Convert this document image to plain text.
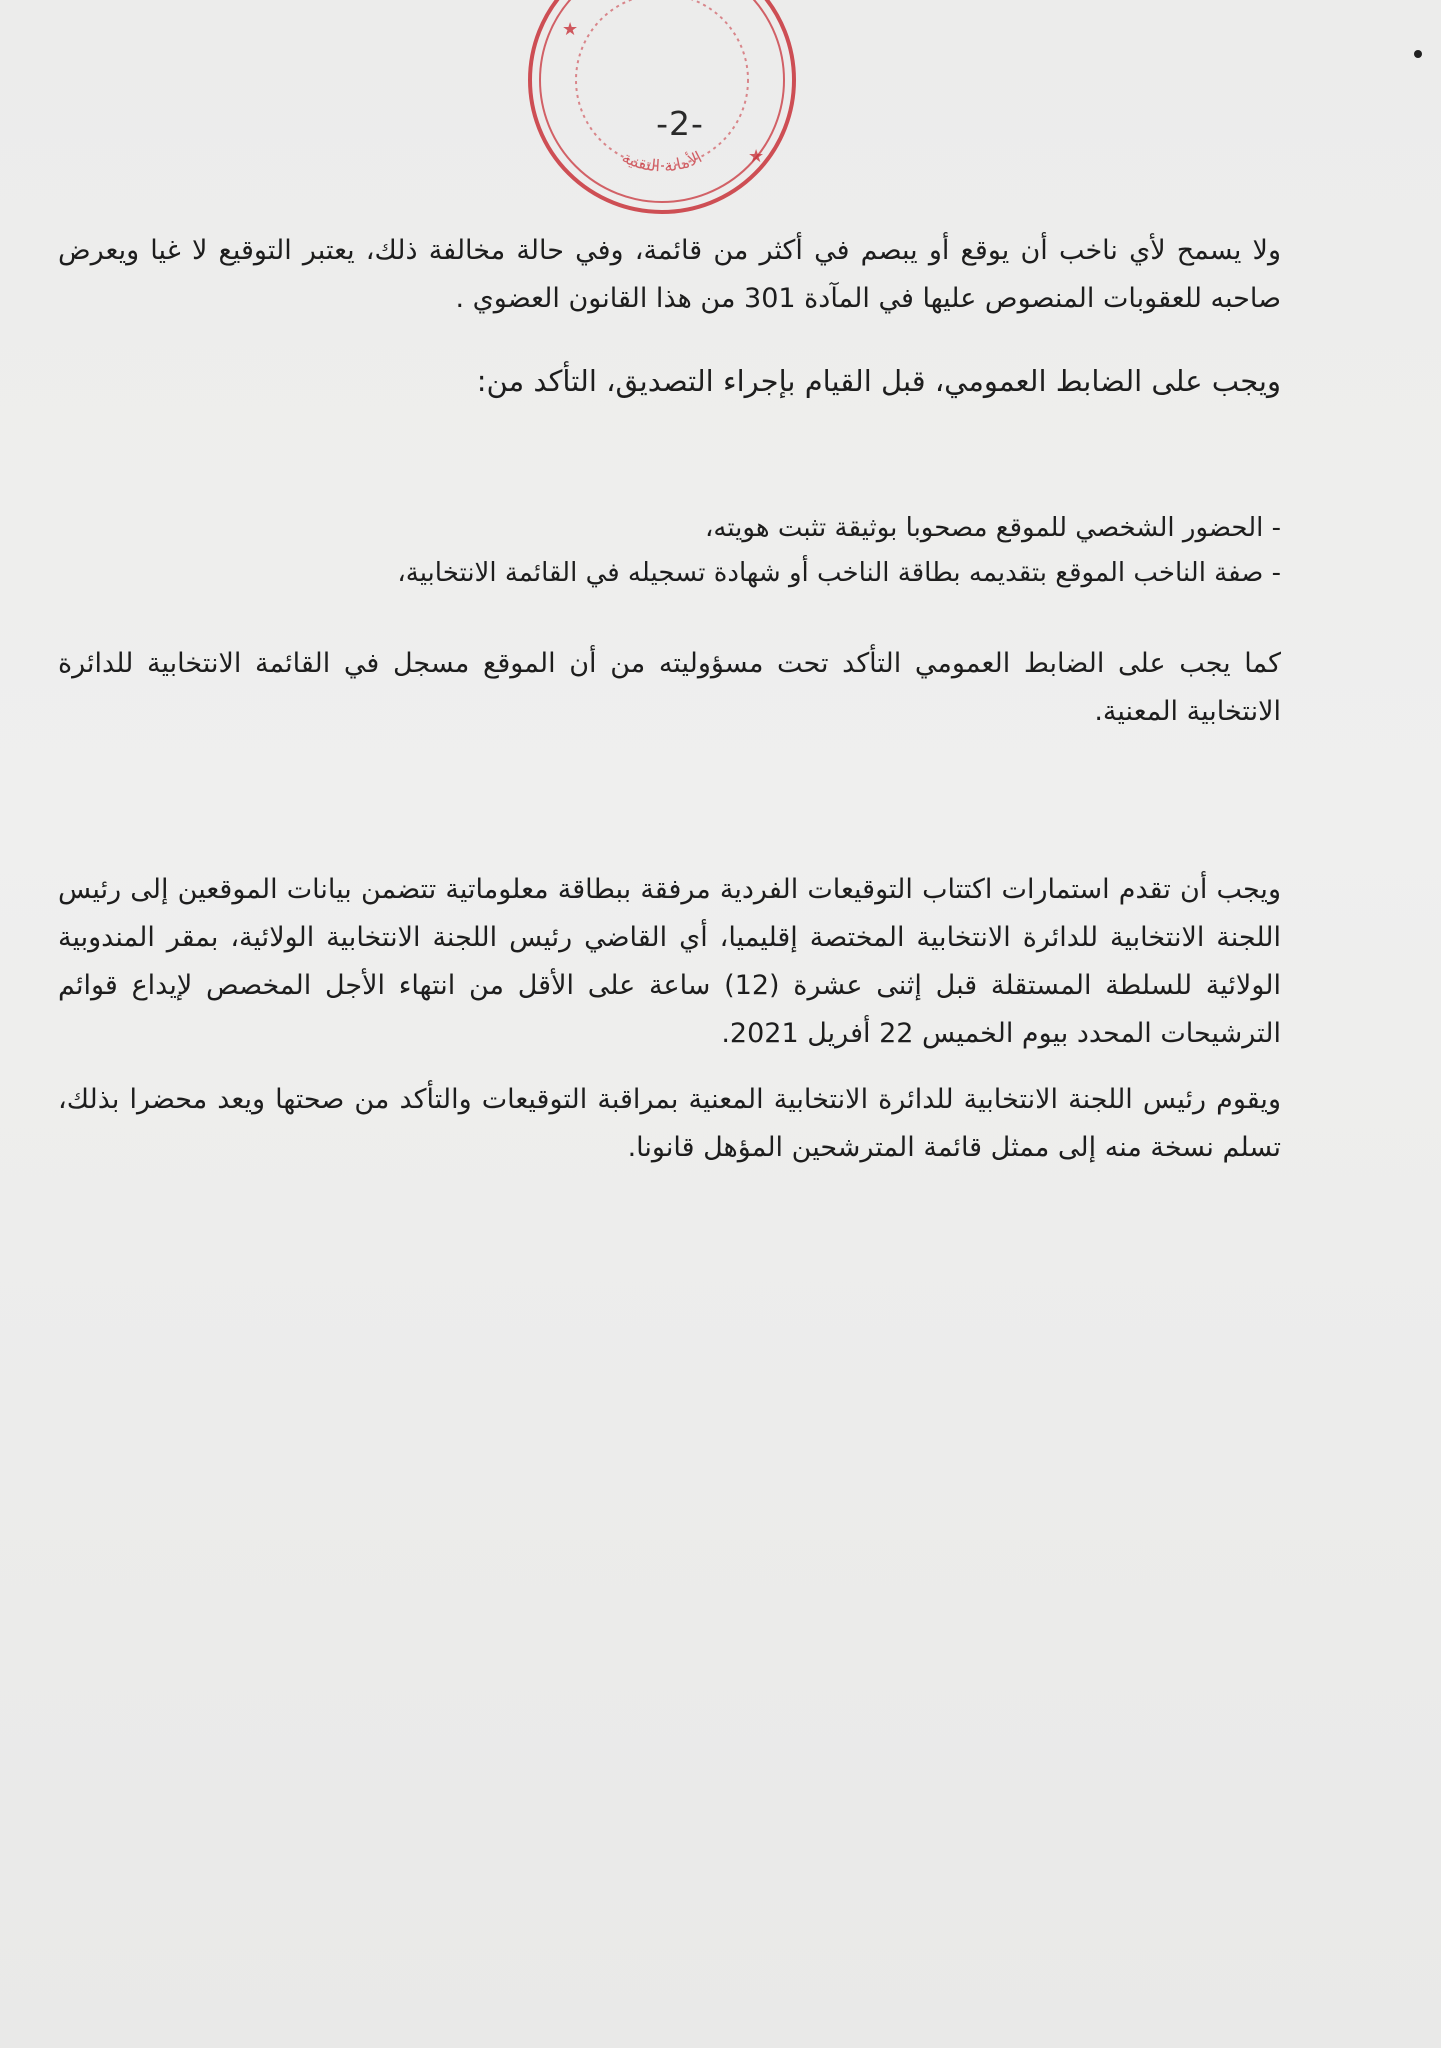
الأمانة التقنية
★
★
-2-

ولا يسمح لأي ناخب أن يوقع أو يبصم في أكثر من قائمة، وفي حالة مخالفة ذلك، يعتبر التوقيع لا غيا ويعرض صاحبه للعقوبات المنصوص عليها في المآدة 301 من هذا القانون العضوي .

ويجب على الضابط العمومي، قبل القيام بإجراء التصديق، التأكد من:

- الحضور الشخصي للموقع مصحوبا بوثيقة تثبت هويته،

- صفة الناخب الموقع بتقديمه بطاقة الناخب أو شهادة تسجيله في القائمة الانتخابية،

كما يجب على الضابط العمومي التأكد تحت مسؤوليته من أن الموقع مسجل في القائمة الانتخابية للدائرة الانتخابية المعنية.

ويجب أن تقدم استمارات اكتتاب التوقيعات الفردية مرفقة ببطاقة معلوماتية تتضمن بيانات الموقعين إلى رئيس اللجنة الانتخابية للدائرة الانتخابية المختصة إقليميا، أي القاضي رئيس اللجنة الانتخابية الولائية، بمقر المندوبية الولائية للسلطة المستقلة قبل إثنى عشرة (12) ساعة على الأقل من انتهاء الأجل المخصص لإيداع قوائم الترشيحات المحدد بيوم الخميس 22 أفريل 2021.

ويقوم رئيس اللجنة الانتخابية للدائرة الانتخابية المعنية بمراقبة التوقيعات والتأكد من صحتها ويعد محضرا بذلك، تسلم نسخة منه إلى ممثل قائمة المترشحين المؤهل قانونا.
